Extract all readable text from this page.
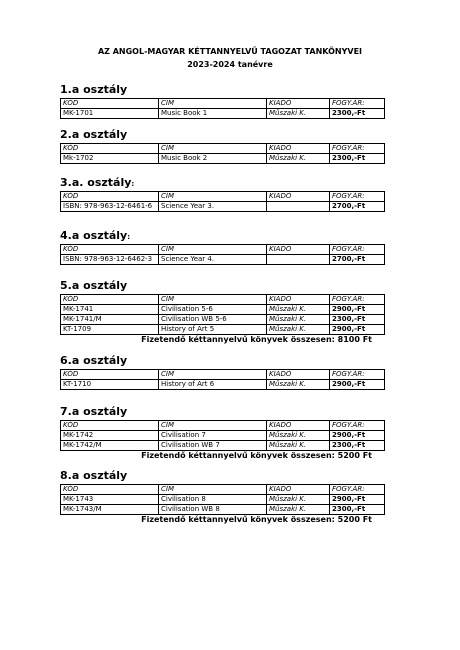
AZ ANGOL-MAGYAR KÉTTANNYELVŰ TAGOZAT TANKÖNYVEI
2023-2024 tanévre
1.a osztály
KÓD	CÍM	KIADÓ	FOGY.ÁR:
MK-1701	Music Book 1	Műszaki K.	2300,-Ft
2.a osztály
KÓD	CÍM	KIADÓ	FOGY.ÁR:
Mk-1702	Music Book 2	Műszaki K.	2300,-Ft
3.a. osztály:
KÓD	CÍM	KIADÓ	FOGY.ÁR:
ISBN: 978-963-12-6461-6	Science Year 3.		2700,-Ft
4.a osztály:
KÓD	CÍM	KIADÓ	FOGY.ÁR:
ISBN: 978-963-12-6462-3	Science Year 4.		2700,-Ft
5.a osztály
KÓD	CÍM	KIADÓ	FOGY.ÁR:
MK-1741	Civilisation 5-6	Műszaki K.	2900,-Ft
MK-1741/M	Civilisation WB 5-6	Műszaki K.	2300,-Ft
KT-1709	History of Art 5	Műszaki K.	2900,-Ft
Fizetendő kéttannyelvű könyvek összesen: 8100 Ft
6.a osztály
KÓD	CÍM	KIADÓ	FOGY.ÁR:
KT-1710	History of Art 6	Műszaki K.	2900,-Ft
7.a osztály
KÓD	CÍM	KIADÓ	FOGY.ÁR:
MK-1742	Civilisation 7	Műszaki K.	2900,-Ft
MK-1742/M	Civilisation WB 7	Műszaki K.	2300,-Ft
Fizetendő kéttannyelvű könyvek összesen: 5200 Ft
8.a osztály
KÓD	CÍM	KIADÓ	FOGY.ÁR:
MK-1743	Civilisation 8	Műszaki K.	2900,-Ft
MK-1743/M	Civilisation WB 8	Műszaki K.	2300,-Ft
Fizetendő kéttannyelvű könyvek összesen: 5200 Ft
